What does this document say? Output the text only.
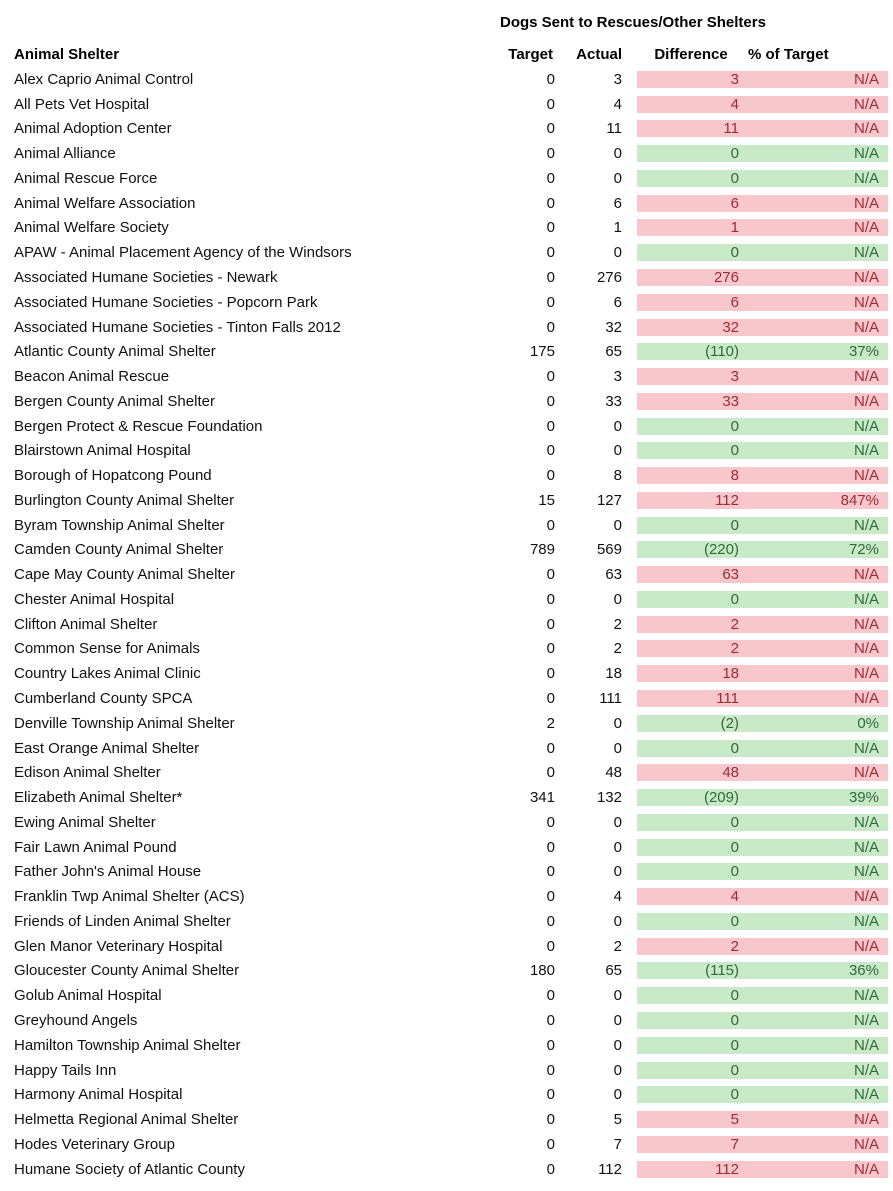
Dogs Sent to Rescues/Other Shelters
Animal Shelter	Target	Actual	Difference	% of Target
Alex Caprio Animal Control	0	3	3	N/A
All Pets Vet Hospital	0	4	4	N/A
Animal Adoption Center	0	11	11	N/A
Animal Alliance	0	0	0	N/A
Animal Rescue Force	0	0	0	N/A
Animal Welfare Association	0	6	6	N/A
Animal Welfare Society	0	1	1	N/A
APAW - Animal Placement Agency of the Windsors	0	0	0	N/A
Associated Humane Societies - Newark	0	276	276	N/A
Associated Humane Societies - Popcorn Park	0	6	6	N/A
Associated Humane Societies - Tinton Falls 2012	0	32	32	N/A
Atlantic County Animal Shelter	175	65	(110)	37%
Beacon Animal Rescue	0	3	3	N/A
Bergen County Animal Shelter	0	33	33	N/A
Bergen Protect & Rescue Foundation	0	0	0	N/A
Blairstown Animal Hospital	0	0	0	N/A
Borough of Hopatcong Pound	0	8	8	N/A
Burlington County Animal Shelter	15	127	112	847%
Byram Township Animal Shelter	0	0	0	N/A
Camden County Animal Shelter	789	569	(220)	72%
Cape May County Animal Shelter	0	63	63	N/A
Chester Animal Hospital	0	0	0	N/A
Clifton Animal Shelter	0	2	2	N/A
Common Sense for Animals	0	2	2	N/A
Country Lakes Animal Clinic	0	18	18	N/A
Cumberland County SPCA	0	111	111	N/A
Denville Township Animal Shelter	2	0	(2)	0%
East Orange Animal Shelter	0	0	0	N/A
Edison Animal Shelter	0	48	48	N/A
Elizabeth Animal Shelter*	341	132	(209)	39%
Ewing Animal Shelter	0	0	0	N/A
Fair Lawn Animal Pound	0	0	0	N/A
Father John's Animal House	0	0	0	N/A
Franklin Twp Animal Shelter (ACS)	0	4	4	N/A
Friends of Linden Animal Shelter	0	0	0	N/A
Glen Manor Veterinary Hospital	0	2	2	N/A
Gloucester County Animal Shelter	180	65	(115)	36%
Golub Animal Hospital	0	0	0	N/A
Greyhound Angels	0	0	0	N/A
Hamilton Township Animal Shelter	0	0	0	N/A
Happy Tails Inn	0	0	0	N/A
Harmony Animal Hospital	0	0	0	N/A
Helmetta Regional Animal Shelter	0	5	5	N/A
Hodes Veterinary Group	0	7	7	N/A
Humane Society of Atlantic County	0	112	112	N/A
